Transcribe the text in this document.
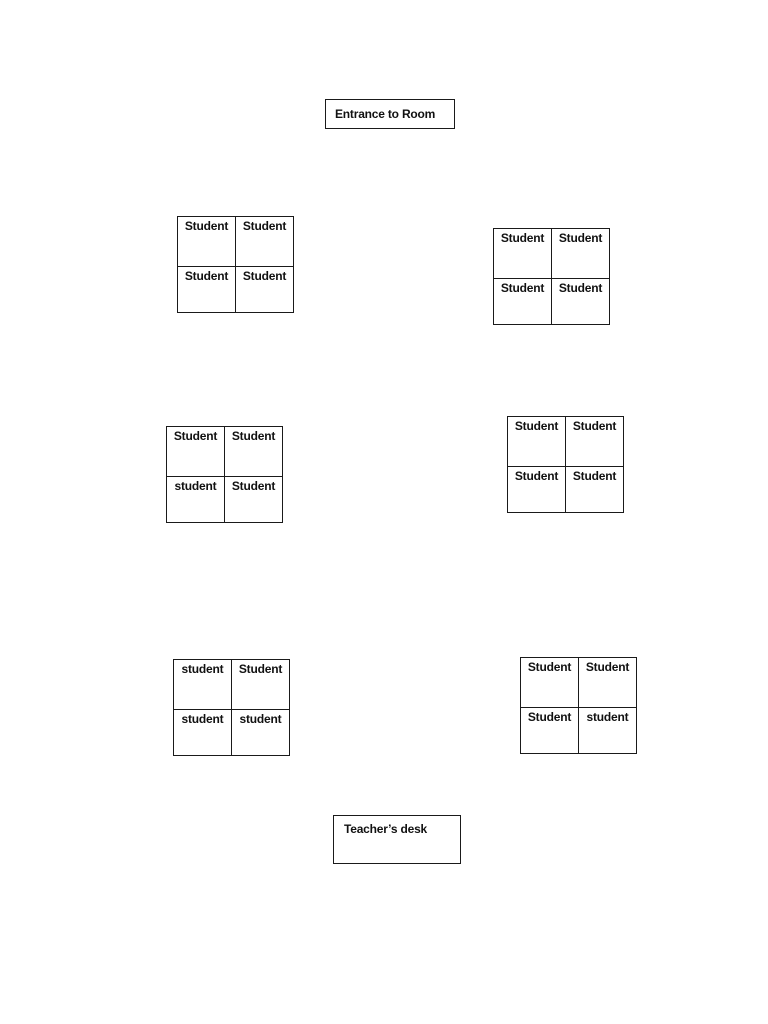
Entrance to Room
Student	Student
Student	Student
Student	Student
Student	Student
Student	Student
student	Student
Student	Student
Student	Student
student	Student
student	student
Student	Student
Student	student
Teacher’s desk
